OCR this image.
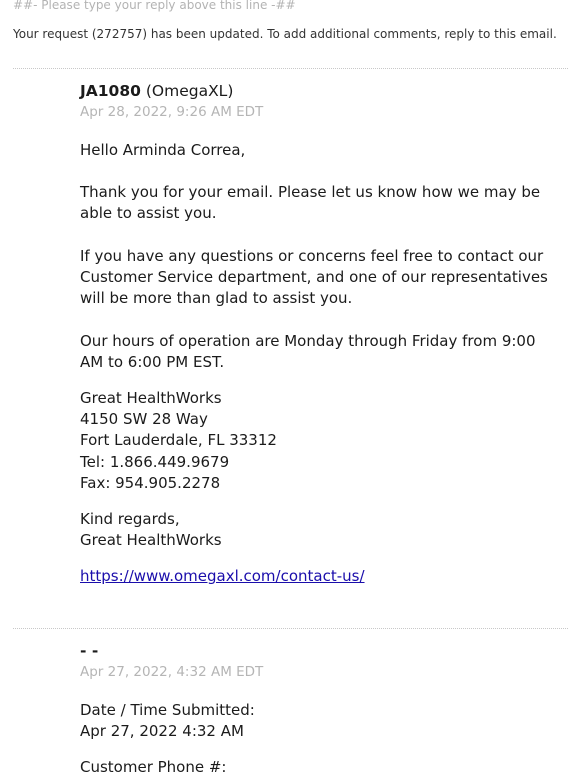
##- Please type your reply above this line -##
Your request (272757) has been updated. To add additional comments, reply to this email.
JA1080 (OmegaXL)
Apr 28, 2022, 9:26 AM EDT
Hello Arminda Correa,
Thank you for your email. Please let us know how we may be able to assist you.
If you have any questions or concerns feel free to contact our Customer Service department, and one of our representatives will be more than glad to assist you.
Our hours of operation are Monday through Friday from 9:00 AM to 6:00 PM EST.

Great HealthWorks

4150 SW 28 Way

Fort Lauderdale, FL 33312

Tel: 1.866.449.9679

Fax: 954.905.2278

Kind regards,

Great HealthWorks

https://www.omegaxl.com/contact-us/
- -
Apr 27, 2022, 4:32 AM EDT

Date / Time Submitted:

Apr 27, 2022 4:32 AM

Customer Phone #:
